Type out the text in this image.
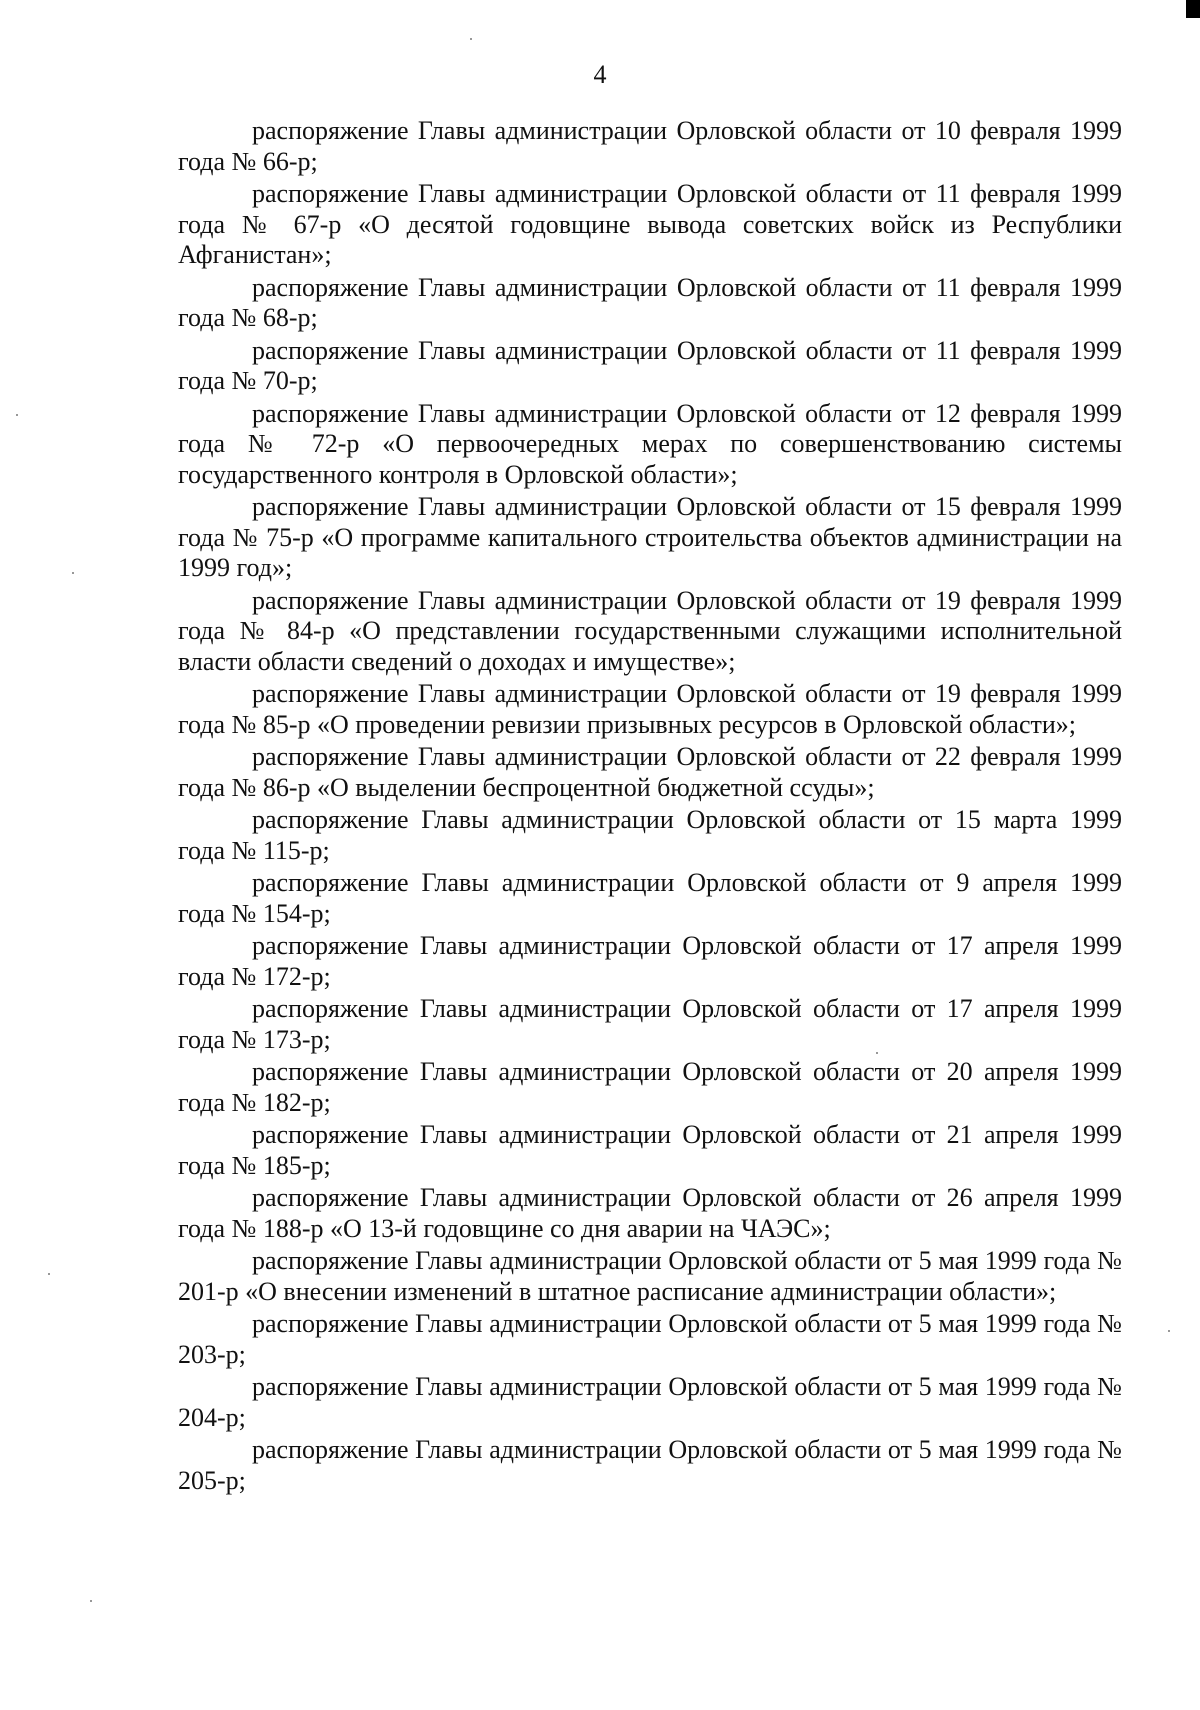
4

распоряжение Главы администрации Орловской области от 10 февраля 1999 года № 66-р;

распоряжение Главы администрации Орловской области от 11 февраля 1999 года № 67-р «О десятой годовщине вывода советских войск из Республики Афганистан»;

распоряжение Главы администрации Орловской области от 11 февраля 1999 года № 68-р;

распоряжение Главы администрации Орловской области от 11 февраля 1999 года № 70-р;

распоряжение Главы администрации Орловской области от 12 февраля 1999 года № 72-р «О первоочередных мерах по совершенствованию системы государственного контроля в Орловской области»;

распоряжение Главы администрации Орловской области от 15 февраля 1999 года № 75-р «О программе капитального строительства объектов администрации на 1999 год»;

распоряжение Главы администрации Орловской области от 19 февраля 1999 года № 84-р «О представлении государственными служащими исполнительной власти области сведений о доходах и имуществе»;

распоряжение Главы администрации Орловской области от 19 февраля 1999 года № 85-р «О проведении ревизии призывных ресурсов в Орловской области»;

распоряжение Главы администрации Орловской области от 22 февраля 1999 года № 86-р «О выделении беспроцентной бюджетной ссуды»;

распоряжение Главы администрации Орловской области от 15 марта 1999 года № 115-р;

распоряжение Главы администрации Орловской области от 9 апреля 1999 года № 154-р;

распоряжение Главы администрации Орловской области от 17 апреля 1999 года № 172-р;

распоряжение Главы администрации Орловской области от 17 апреля 1999 года № 173-р;

распоряжение Главы администрации Орловской области от 20 апреля 1999 года № 182-р;

распоряжение Главы администрации Орловской области от 21 апреля 1999 года № 185-р;

распоряжение Главы администрации Орловской области от 26 апреля 1999 года № 188-р «О 13-й годовщине со дня аварии на ЧАЭС»;

распоряжение Главы администрации Орловской области от 5 мая 1999 года № 201-р «О внесении изменений в штатное расписание администрации области»;

распоряжение Главы администрации Орловской области от 5 мая 1999 года № 203-р;

распоряжение Главы администрации Орловской области от 5 мая 1999 года № 204-р;

распоряжение Главы администрации Орловской области от 5 мая 1999 года № 205-р;
